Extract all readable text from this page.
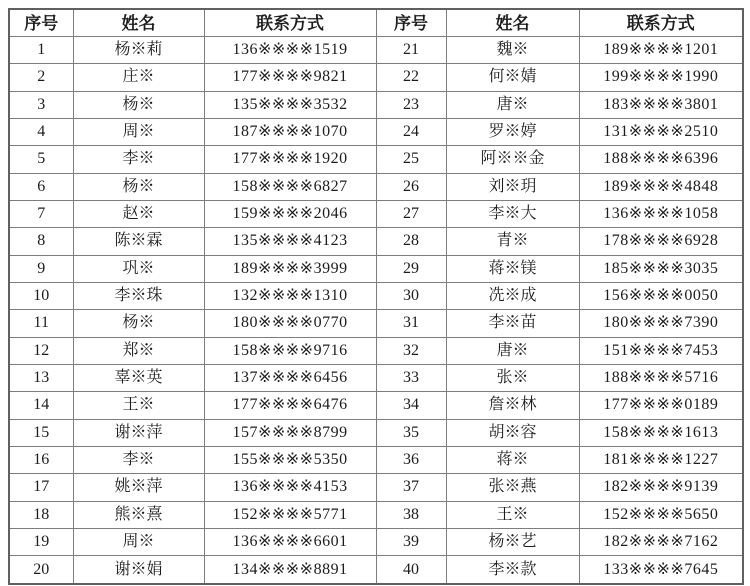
序号	姓名	联系方式	序号	姓名	联系方式
1	杨※莉	136※※※※1519	21	魏※	189※※※※1201
2	庄※	177※※※※9821	22	何※婧	199※※※※1990
3	杨※	135※※※※3532	23	唐※	183※※※※3801
4	周※	187※※※※1070	24	罗※婷	131※※※※2510
5	李※	177※※※※1920	25	阿※※金	188※※※※6396
6	杨※	158※※※※6827	26	刘※玥	189※※※※4848
7	赵※	159※※※※2046	27	李※大	136※※※※1058
8	陈※霖	135※※※※4123	28	青※	178※※※※6928
9	巩※	189※※※※3999	29	蒋※镁	185※※※※3035
10	李※珠	132※※※※1310	30	冼※成	156※※※※0050
11	杨※	180※※※※0770	31	李※苗	180※※※※7390
12	郑※	158※※※※9716	32	唐※	151※※※※7453
13	辜※英	137※※※※6456	33	张※	188※※※※5716
14	王※	177※※※※6476	34	詹※林	177※※※※0189
15	谢※萍	157※※※※8799	35	胡※容	158※※※※1613
16	李※	155※※※※5350	36	蒋※	181※※※※1227
17	姚※萍	136※※※※4153	37	张※燕	182※※※※9139
18	熊※熹	152※※※※5771	38	王※	152※※※※5650
19	周※	136※※※※6601	39	杨※艺	182※※※※7162
20	谢※娟	134※※※※8891	40	李※款	133※※※※7645
